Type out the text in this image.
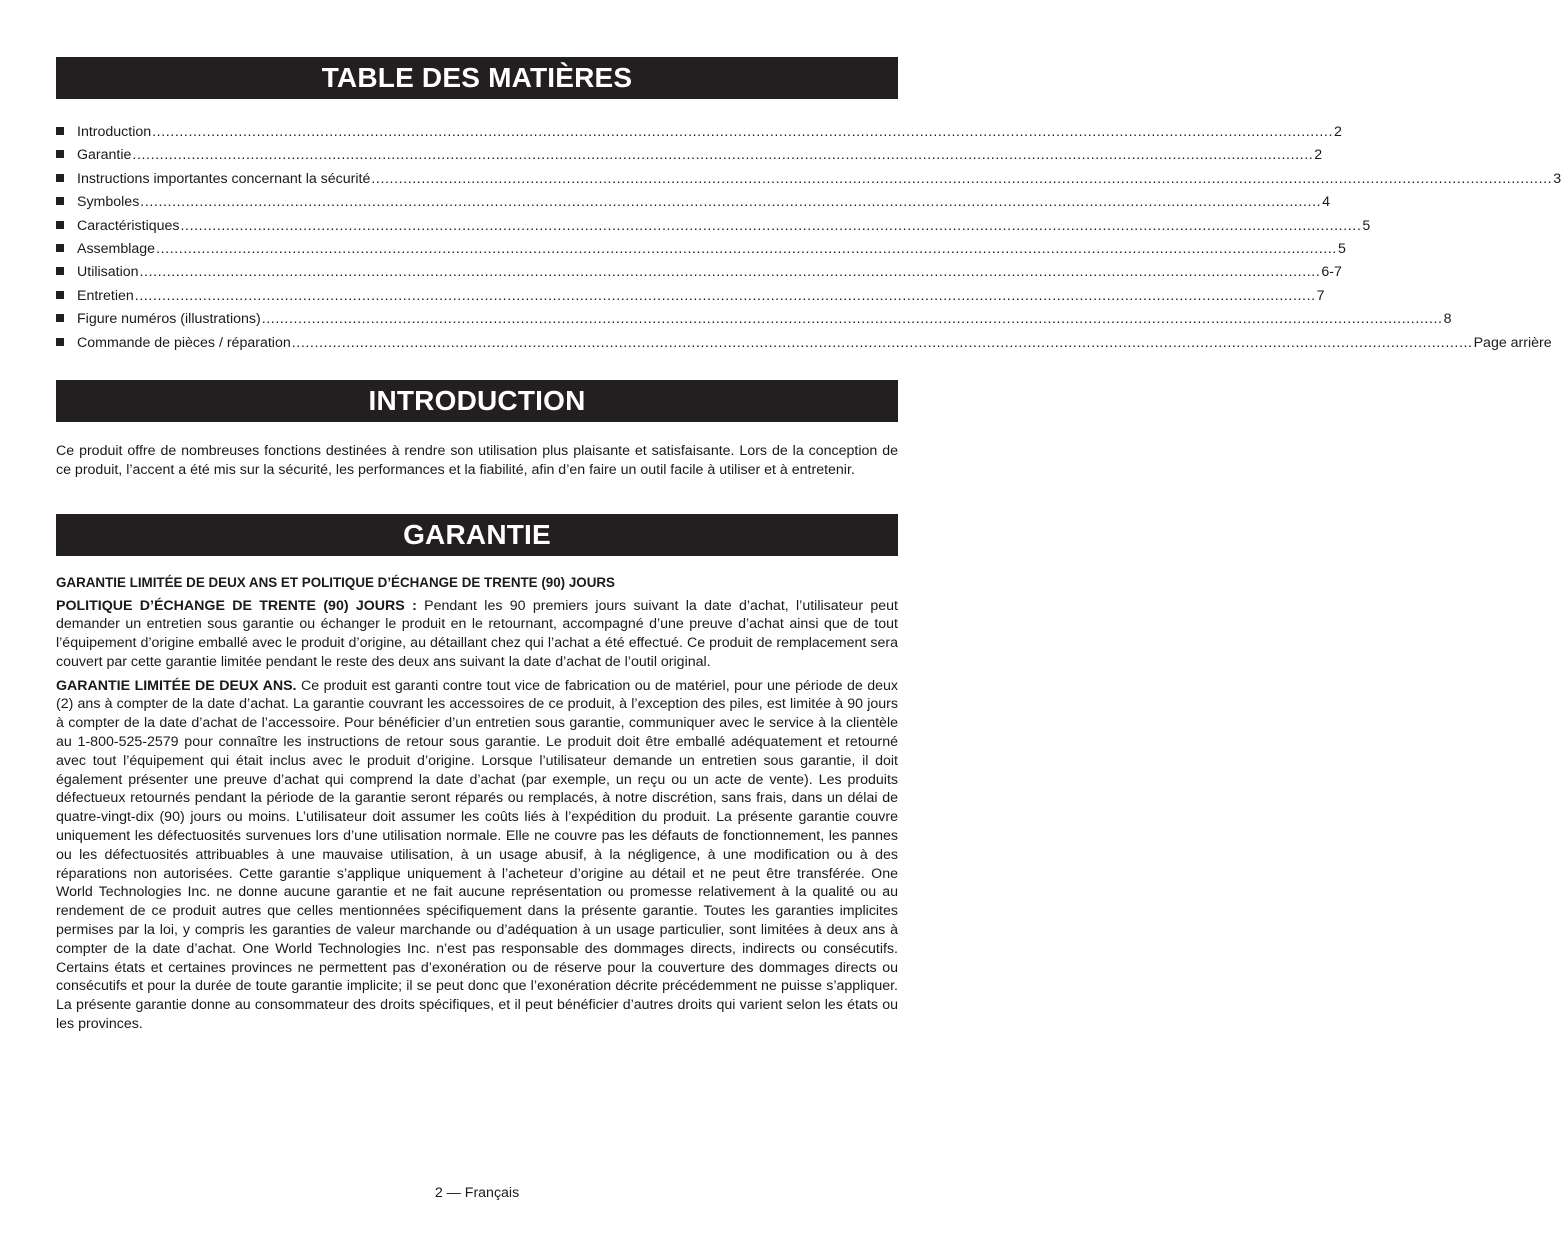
TABLE DES MATIÈRES
Introduction .................................................................................................................................................................................................................................................................... 2
Garantie .................................................................................................................................................................................................................................................................... 2
Instructions importantes concernant la sécurité .................................................................................................................................................................................................................................................................... 3
Symboles .................................................................................................................................................................................................................................................................... 4
Caractéristiques .................................................................................................................................................................................................................................................................... 5
Assemblage .................................................................................................................................................................................................................................................................... 5
Utilisation .................................................................................................................................................................................................................................................................... 6-7
Entretien .................................................................................................................................................................................................................................................................... 7
Figure numéros (illustrations) .................................................................................................................................................................................................................................................................... 8
Commande de pièces / réparation .................................................................................................................................................................................................................................................................... Page arrière
INTRODUCTION

Ce produit offre de nombreuses fonctions destinées à rendre son utilisation plus plaisante et satisfaisante. Lors de la conception de ce produit, l’accent a été mis sur la sécurité, les performances et la fiabilité, afin d’en faire un outil facile à utiliser et à entretenir.

GARANTIE
GARANTIE LIMITÉE DE DEUX ANS ET POLITIQUE D’ÉCHANGE DE TRENTE (90) JOURS

POLITIQUE D’ÉCHANGE DE TRENTE (90) JOURS : Pendant les 90 premiers jours suivant la date d’achat, l’utilisateur peut demander un entretien sous garantie ou échanger le produit en le retournant, accompagné d’une preuve d’achat ainsi que de tout l’équipement d’origine emballé avec le produit d’origine, au détaillant chez qui l’achat a été effectué. Ce produit de remplacement sera couvert par cette garantie limitée pendant le reste des deux ans suivant la date d’achat de l’outil original.

GARANTIE LIMITÉE DE DEUX ANS. Ce produit est garanti contre tout vice de fabrication ou de matériel, pour une période de deux (2) ans à compter de la date d’achat. La garantie couvrant les accessoires de ce produit, à l’exception des piles, est limitée à 90 jours à compter de la date d’achat de l’accessoire. Pour bénéficier d’un entretien sous garantie, communiquer avec le service à la clientèle au 1-800-525-2579 pour connaître les instructions de retour sous garantie. Le produit doit être emballé adéquatement et retourné avec tout l’équipement qui était inclus avec le produit d’origine. Lorsque l’utilisateur demande un entretien sous garantie, il doit également présenter une preuve d’achat qui comprend la date d’achat (par exemple, un reçu ou un acte de vente). Les produits défectueux retournés pendant la période de la garantie seront réparés ou remplacés, à notre discrétion, sans frais, dans un délai de quatre-vingt-dix (90) jours ou moins. L’utilisateur doit assumer les coûts liés à l’expédition du produit. La présente garantie couvre uniquement les défectuosités survenues lors d’une utilisation normale. Elle ne couvre pas les défauts de fonctionnement, les pannes ou les défectuosités attribuables à une mauvaise utilisation, à un usage abusif, à la négligence, à une modification ou à des réparations non autorisées. Cette garantie s’applique uniquement à l’acheteur d’origine au détail et ne peut être transférée. One World Technologies Inc. ne donne aucune garantie et ne fait aucune représentation ou promesse relativement à la qualité ou au rendement de ce produit autres que celles mentionnées spécifiquement dans la présente garantie. Toutes les garanties implicites permises par la loi, y compris les garanties de valeur marchande ou d’adéquation à un usage particulier, sont limitées à deux ans à compter de la date d’achat. One World Technologies Inc. n’est pas responsable des dommages directs, indirects ou consécutifs. Certains états et certaines provinces ne permettent pas d’exonération ou de réserve pour la couverture des dommages directs ou consécutifs et pour la durée de toute garantie implicite; il se peut donc que l’exonération décrite précédemment ne puisse s’appliquer. La présente garantie donne au consommateur des droits spécifiques, et il peut bénéficier d’autres droits qui varient selon les états ou les provinces.

2 — Français
